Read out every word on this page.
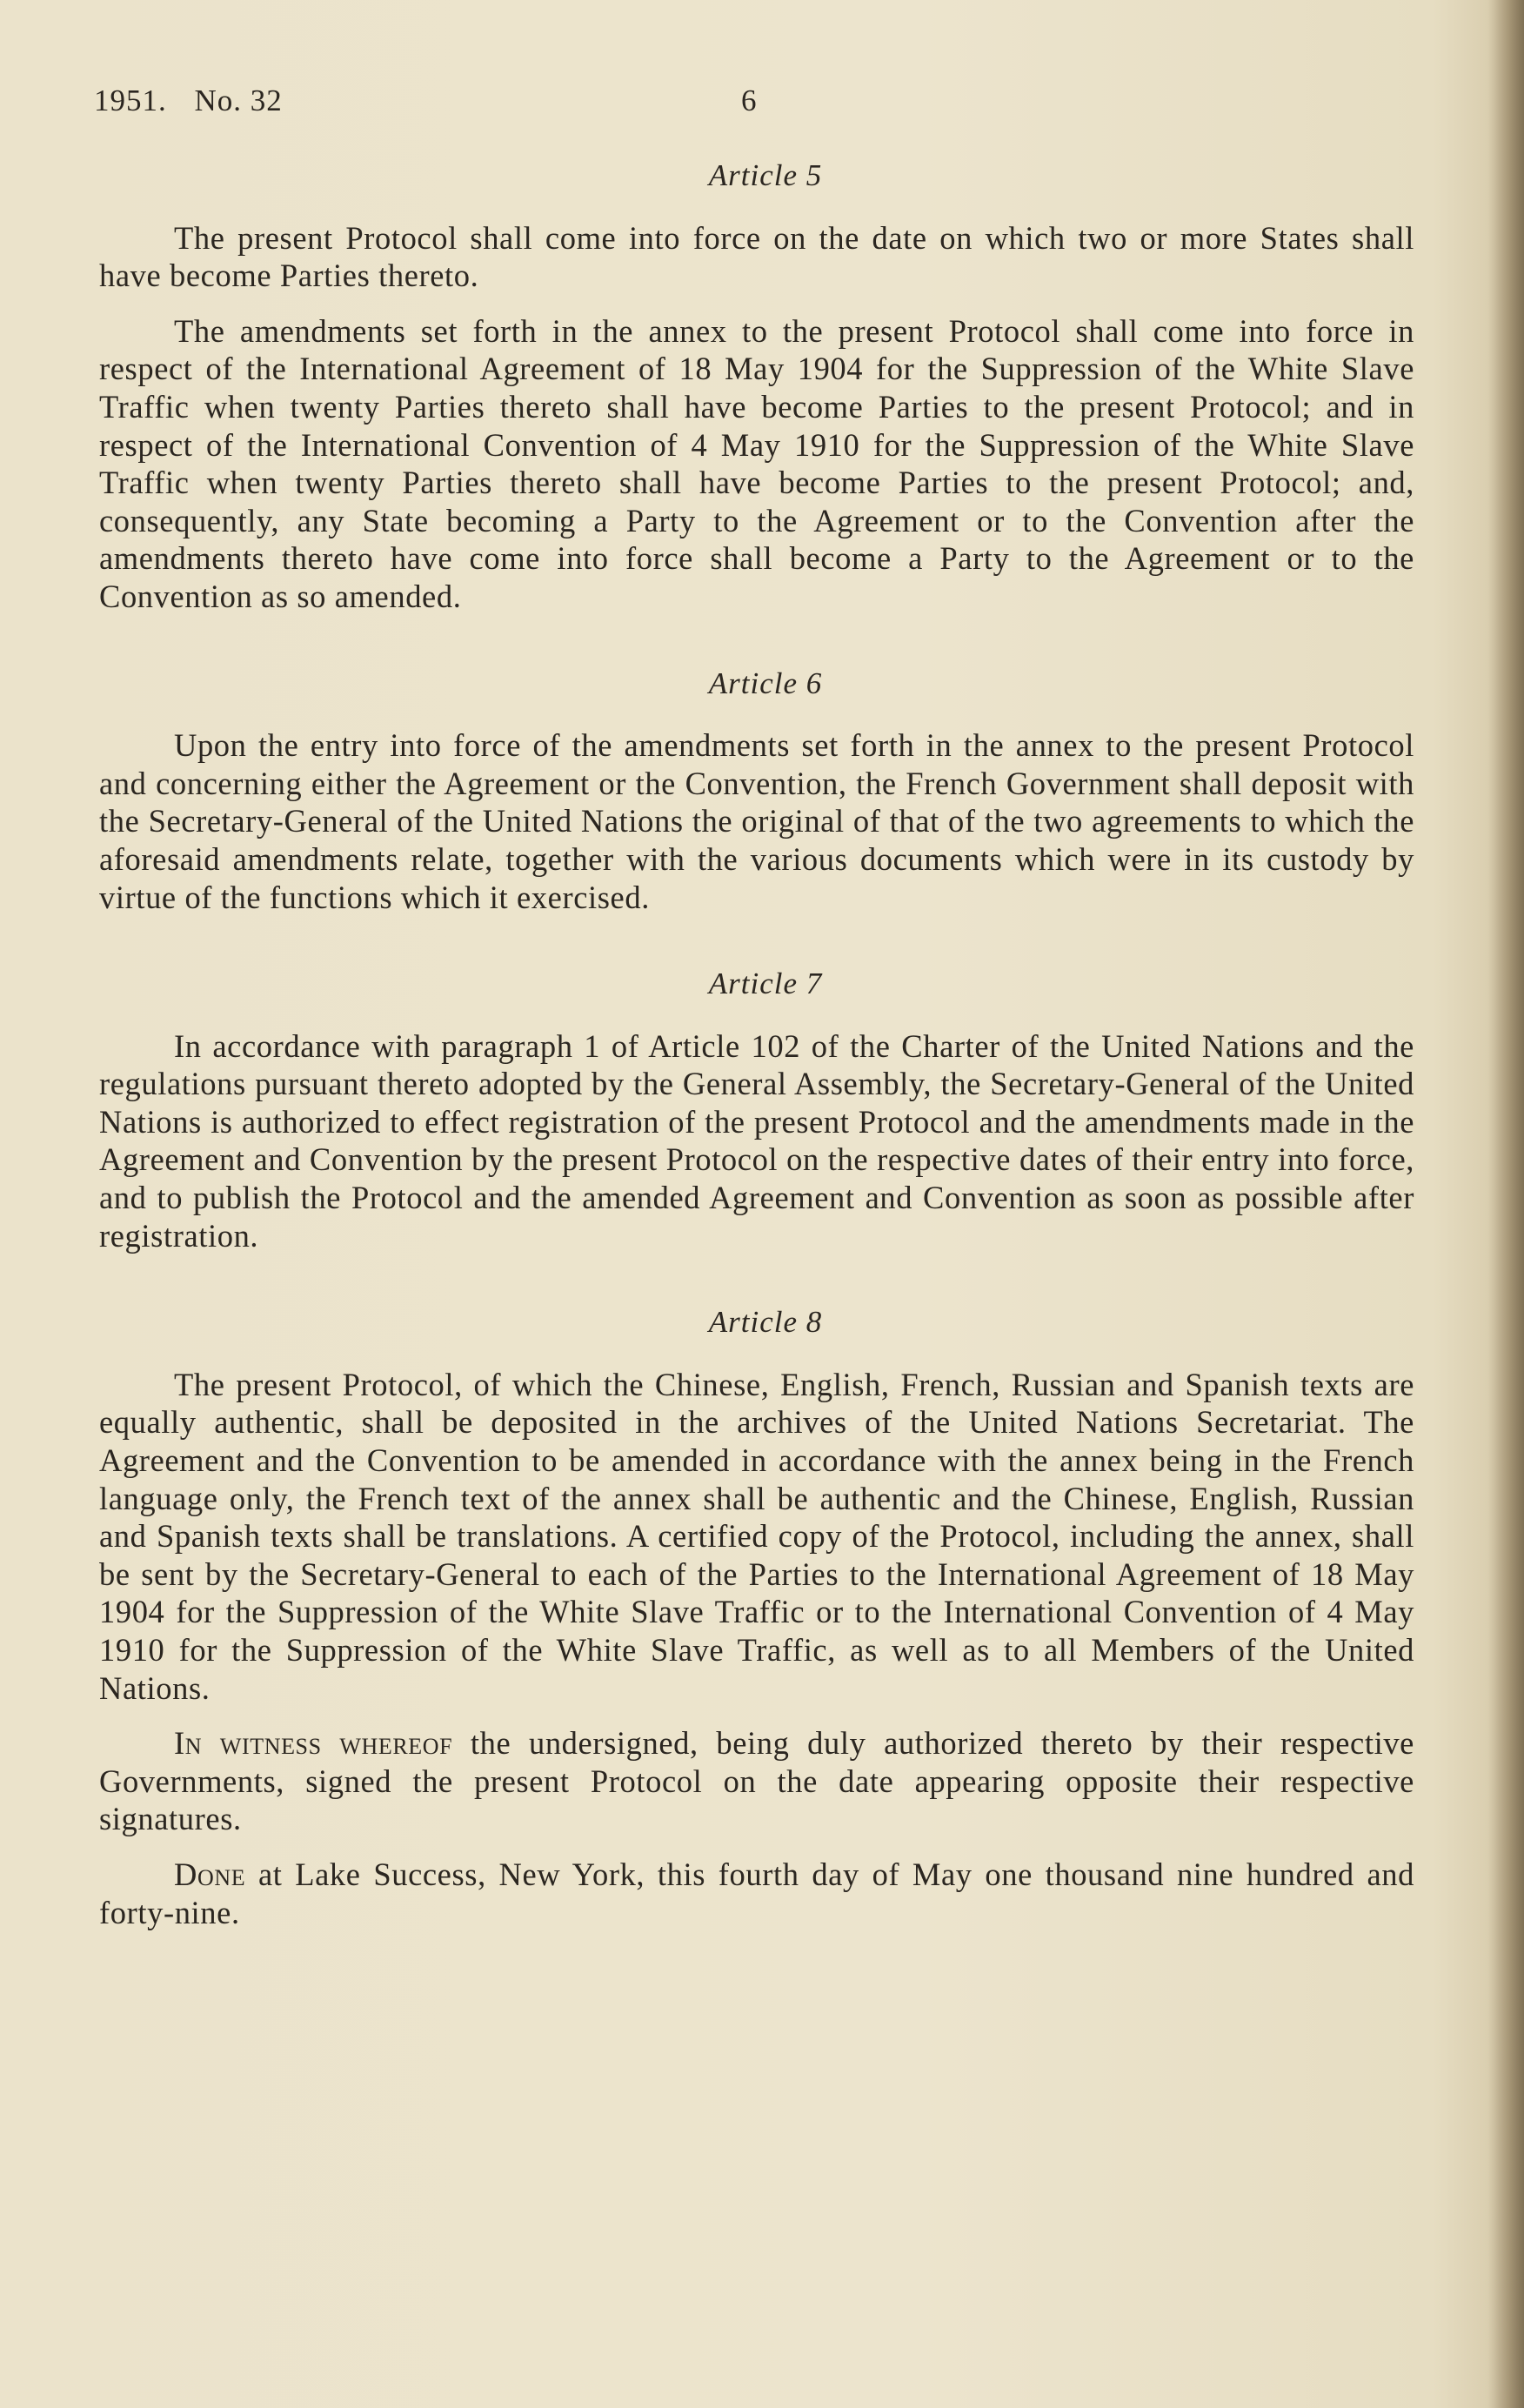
1951. No. 32	6
Article 5

The present Protocol shall come into force on the date on which two or more States shall have become Parties thereto.

The amendments set forth in the annex to the present Protocol shall come into force in respect of the International Agreement of 18 May 1904 for the Suppression of the White Slave Traffic when twenty Parties thereto shall have become Parties to the present Protocol; and in respect of the International Convention of 4 May 1910 for the Suppression of the White Slave Traffic when twenty Parties thereto shall have become Parties to the present Protocol; and, consequently, any State becoming a Party to the Agreement or to the Convention after the amendments thereto have come into force shall become a Party to the Agreement or to the Convention as so amended.

Article 6

Upon the entry into force of the amendments set forth in the annex to the present Protocol and concerning either the Agreement or the Convention, the French Government shall deposit with the Secretary-General of the United Nations the original of that of the two agreements to which the aforesaid amendments relate, together with the various documents which were in its custody by virtue of the functions which it exercised.

Article 7

In accordance with paragraph 1 of Article 102 of the Charter of the United Nations and the regulations pursuant thereto adopted by the General Assembly, the Secretary-General of the United Nations is authorized to effect registration of the present Protocol and the amendments made in the Agreement and Convention by the present Protocol on the respective dates of their entry into force, and to publish the Protocol and the amended Agreement and Convention as soon as possible after registration.

Article 8

The present Protocol, of which the Chinese, English, French, Russian and Spanish texts are equally authentic, shall be deposited in the archives of the United Nations Secretariat. The Agreement and the Convention to be amended in accordance with the annex being in the French language only, the French text of the annex shall be authentic and the Chinese, English, Russian and Spanish texts shall be translations. A certified copy of the Protocol, including the annex, shall be sent by the Secretary-General to each of the Parties to the International Agreement of 18 May 1904 for the Suppression of the White Slave Traffic or to the International Convention of 4 May 1910 for the Suppression of the White Slave Traffic, as well as to all Members of the United Nations.

In witness whereof the undersigned, being duly authorized thereto by their respective Governments, signed the present Protocol on the date appearing opposite their respective signatures.

Done at Lake Success, New York, this fourth day of May one thousand nine hundred and forty-nine.
